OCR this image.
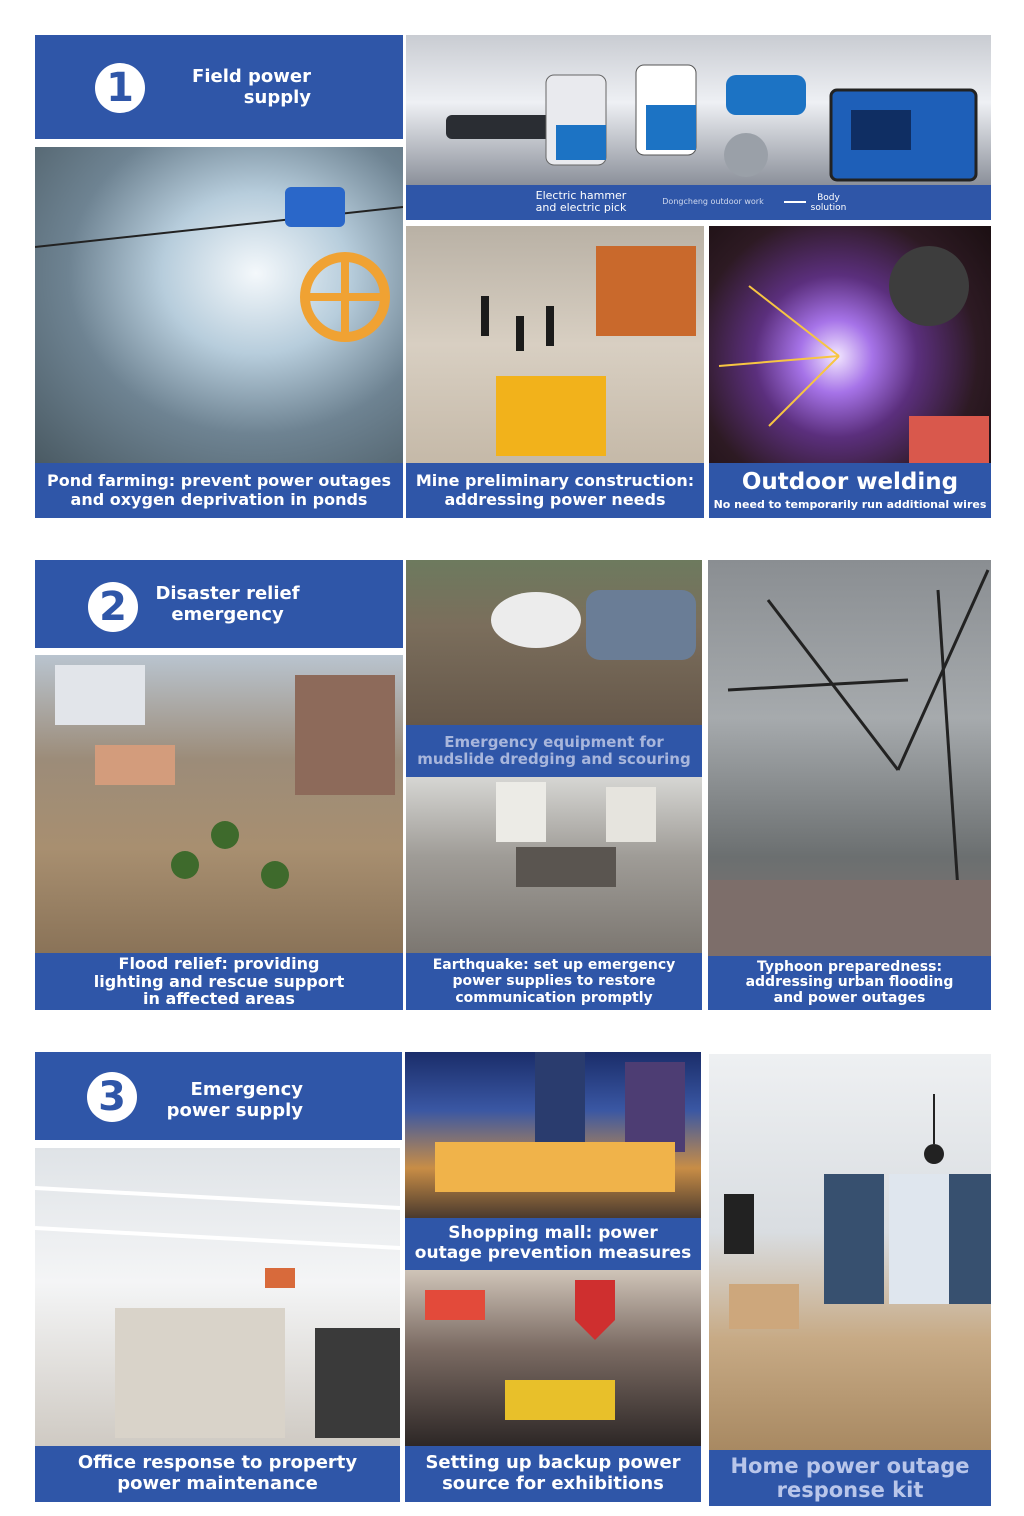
1	Field power
supply
Electric hammer
and electric pick	Dongcheng outdoor work	Body
solution
Pond farming: prevent power outages
and oxygen deprivation in ponds
Mine preliminary construction:
addressing power needs
Outdoor welding
No need to temporarily run additional wires
2	Disaster relief
emergency
Emergency equipment for
mudslide dredging and scouring
Earthquake: set up emergency
power supplies to restore
communication promptly
Flood relief: providing
lighting and rescue support
in affected areas
Typhoon preparedness:
addressing urban flooding
and power outages
3	Emergency
power supply
Shopping mall: power
outage prevention measures
Office response to property
power maintenance
Setting up backup power
source for exhibitions
Home power outage
response kit
